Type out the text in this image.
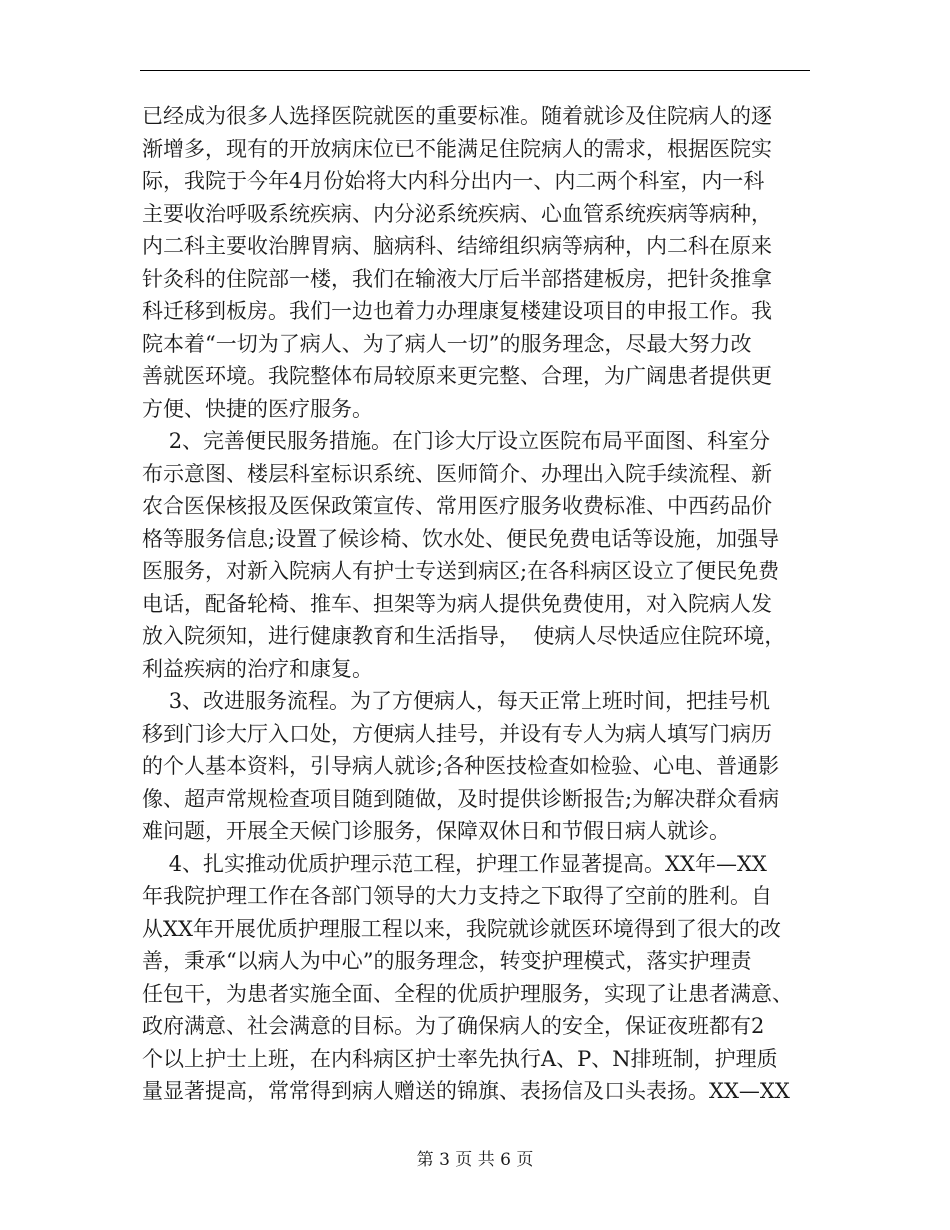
已经成为很多人选择医院就医的重要标准。随着就诊及住院病人的逐
渐增多，现有的开放病床位已不能满足住院病人的需求，根据医院实
际，我院于今年4月份始将大内科分出内一、内二两个科室，内一科
主要收治呼吸系统疾病、内分泌系统疾病、心血管系统疾病等病种，
内二科主要收治脾胃病、脑病科、结缔组织病等病种，内二科在原来
针灸科的住院部一楼，我们在输液大厅后半部搭建板房，把针灸推拿
科迁移到板房。我们一边也着力办理康复楼建设项目的申报工作。我
院本着“一切为了病人、为了病人一切”的服务理念，尽最大努力改
善就医环境。我院整体布局较原来更完整、合理，为广阔患者提供更
方便、快捷的医疗服务。
2、完善便民服务措施。在门诊大厅设立医院布局平面图、科室分
布示意图、楼层科室标识系统、医师简介、办理出入院手续流程、新
农合医保核报及医保政策宣传、常用医疗服务收费标准、中西药品价
格等服务信息;设置了候诊椅、饮水处、便民免费电话等设施，加强导
医服务，对新入院病人有护士专送到病区;在各科病区设立了便民免费
电话，配备轮椅、推车、担架等为病人提供免费使用，对入院病人发
放入院须知，进行健康教育和生活指导，  使病人尽快适应住院环境，
利益疾病的治疗和康复。
3、改进服务流程。为了方便病人，每天正常上班时间，把挂号机
移到门诊大厅入口处，方便病人挂号，并设有专人为病人填写门病历
的个人基本资料，引导病人就诊;各种医技检查如检验、心电、普通影
像、超声常规检查项目随到随做，及时提供诊断报告;为解决群众看病
难问题，开展全天候门诊服务，保障双休日和节假日病人就诊。
4、扎实推动优质护理示范工程，护理工作显著提高。XX年—XX
年我院护理工作在各部门领导的大力支持之下取得了空前的胜利。自
从XX年开展优质护理服工程以来，我院就诊就医环境得到了很大的改
善，秉承“以病人为中心”的服务理念，转变护理模式，落实护理责
任包干，为患者实施全面、全程的优质护理服务，实现了让患者满意、
政府满意、社会满意的目标。为了确保病人的安全，保证夜班都有2
个以上护士上班，在内科病区护士率先执行A、P、N排班制，护理质
量显著提高，常常得到病人赠送的锦旗、表扬信及口头表扬。XX—XX
第 3 页 共 6 页
